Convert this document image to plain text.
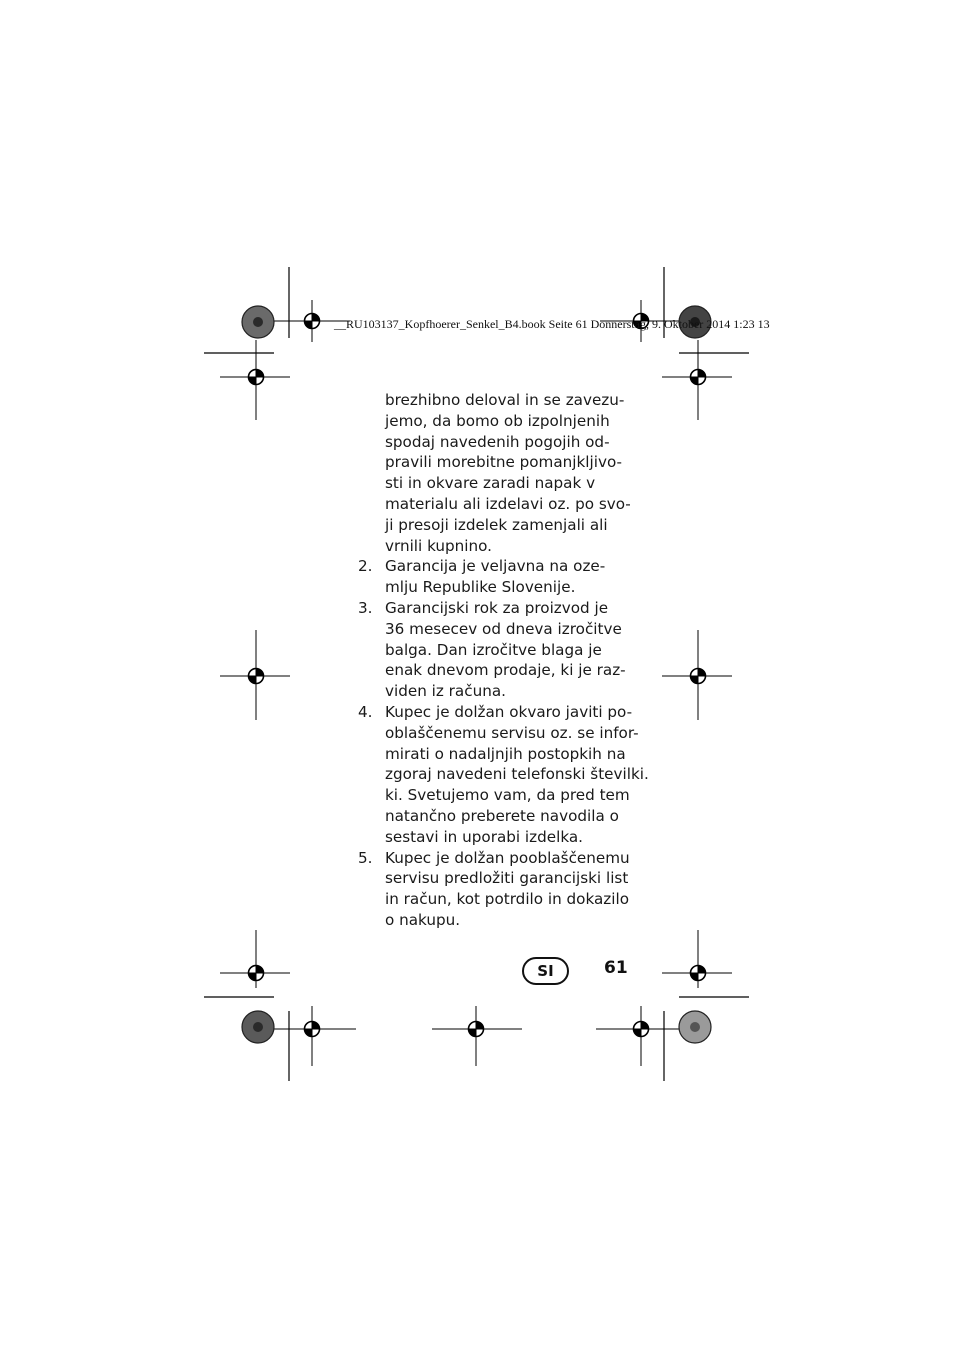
__RU103137_Kopfhoerer_Senkel_B4.book Seite 61 Donnerstag, 9. Oktober 2014 1:23 13
brezhibno deloval in se zavezu-
jemo, da bomo ob izpolnjenih
spodaj navedenih pogojih od-
pravili morebitne pomanjkljivo-
sti in okvare zaradi napak v
materialu ali izdelavi oz. po svo-
ji presoji izdelek zamenjali ali
vrnili kupnino.
2. Garancija je veljavna na oze-
mlju Republike Slovenije.
3. Garancijski rok za proizvod je
36 mesecev od dneva izročitve
balga. Dan izročitve blaga je
enak dnevom prodaje, ki je raz-
viden iz računa.
4. Kupec je dolžan okvaro javiti po-
oblaščenemu servisu oz. se infor-
mirati o nadaljnjih postopkih na
zgoraj navedeni telefonski številki.
ki. Svetujemo vam, da pred tem
natančno preberete navodila o
sestavi in uporabi izdelka.
5. Kupec je dolžan pooblaščenemu
servisu predložiti garancijski list
in račun, kot potrdilo in dokazilo
o nakupu.
SI	61
